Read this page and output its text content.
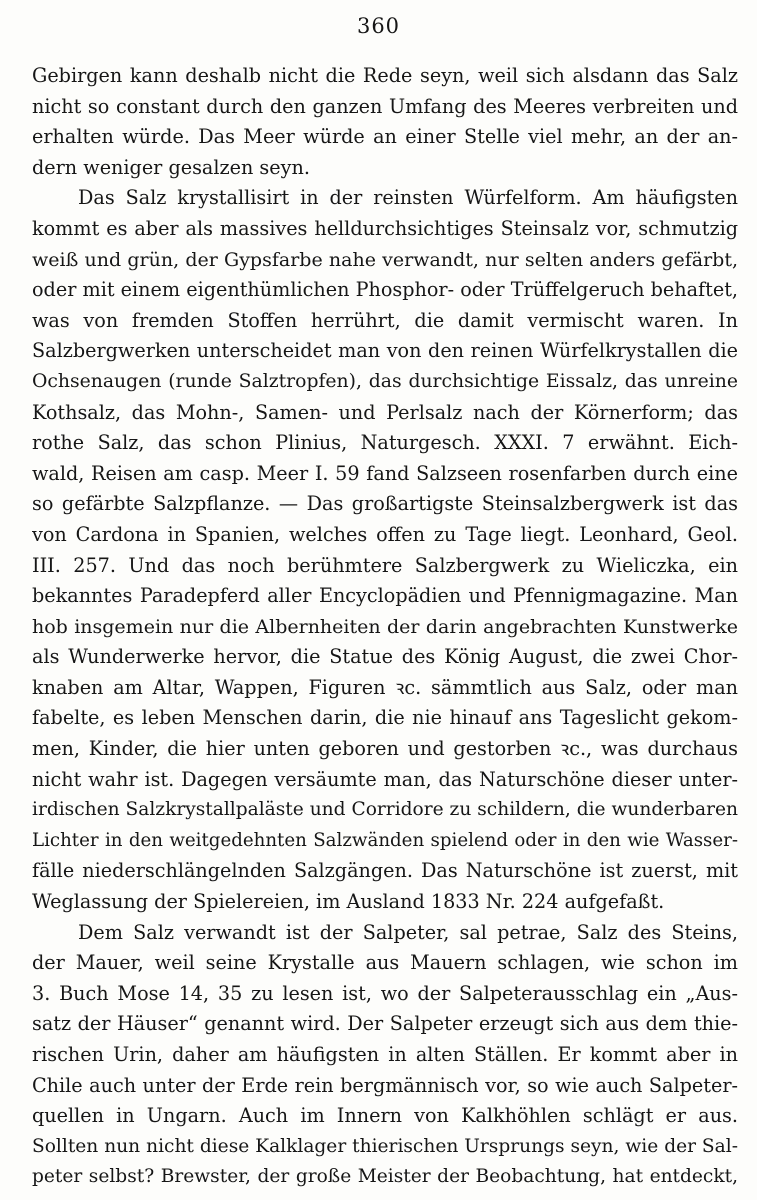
360
Gebirgen kann deshalb nicht die Rede seyn, weil sich alsdann das Salz
nicht so constant durch den ganzen Umfang des Meeres verbreiten und
erhalten würde. Das Meer würde an einer Stelle viel mehr, an der an-
dern weniger gesalzen seyn.
Das Salz krystallisirt in der reinsten Würfelform. Am häufigsten
kommt es aber als massives helldurchsichtiges Steinsalz vor, schmutzig
weiß und grün, der Gypsfarbe nahe verwandt, nur selten anders gefärbt,
oder mit einem eigenthümlichen Phosphor- oder Trüffelgeruch behaftet,
was von fremden Stoffen herrührt, die damit vermischt waren. In
Salzbergwerken unterscheidet man von den reinen Würfelkrystallen die
Ochsenaugen (runde Salztropfen), das durchsichtige Eissalz, das unreine
Kothsalz, das Mohn-, Samen- und Perlsalz nach der Körnerform; das
rothe Salz, das schon Plinius, Naturgesch. XXXI. 7 erwähnt. Eich-
wald, Reisen am casp. Meer I. 59 fand Salzseen rosenfarben durch eine
so gefärbte Salzpflanze. — Das großartigste Steinsalzbergwerk ist das
von Cardona in Spanien, welches offen zu Tage liegt. Leonhard, Geol.
III. 257. Und das noch berühmtere Salzbergwerk zu Wieliczka, ein
bekanntes Paradepferd aller Encyclopädien und Pfennigmagazine. Man
hob insgemein nur die Albernheiten der darin angebrachten Kunstwerke
als Wunderwerke hervor, die Statue des König August, die zwei Chor-
knaben am Altar, Wappen, Figuren ꝛc. sämmtlich aus Salz, oder man
fabelte, es leben Menschen darin, die nie hinauf ans Tageslicht gekom-
men, Kinder, die hier unten geboren und gestorben ꝛc., was durchaus
nicht wahr ist. Dagegen versäumte man, das Naturschöne dieser unter-
irdischen Salzkrystallpaläste und Corridore zu schildern, die wunderbaren
Lichter in den weitgedehnten Salzwänden spielend oder in den wie Wasser-
fälle niederschlängelnden Salzgängen. Das Naturschöne ist zuerst, mit
Weglassung der Spielereien, im Ausland 1833 Nr. 224 aufgefaßt.
Dem Salz verwandt ist der Salpeter, sal petrae, Salz des Steins,
der Mauer, weil seine Krystalle aus Mauern schlagen, wie schon im
3. Buch Mose 14, 35 zu lesen ist, wo der Salpeterausschlag ein „Aus-
satz der Häuser“ genannt wird. Der Salpeter erzeugt sich aus dem thie-
rischen Urin, daher am häufigsten in alten Ställen. Er kommt aber in
Chile auch unter der Erde rein bergmännisch vor, so wie auch Salpeter-
quellen in Ungarn. Auch im Innern von Kalkhöhlen schlägt er aus.
Sollten nun nicht diese Kalklager thierischen Ursprungs seyn, wie der Sal-
peter selbst? Brewster, der große Meister der Beobachtung, hat entdeckt,
